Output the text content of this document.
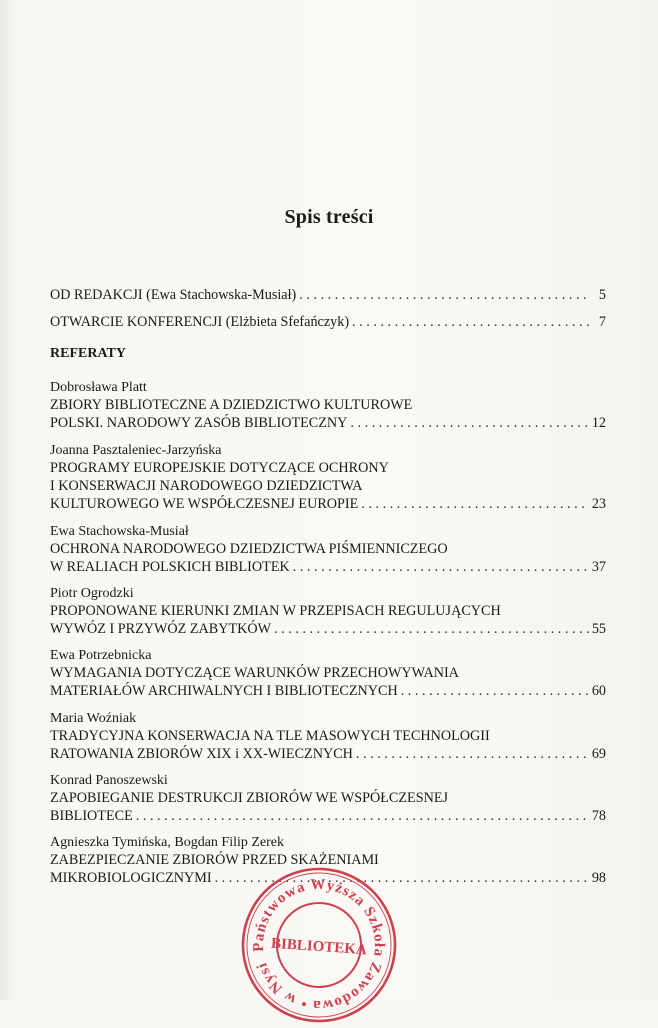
Spis treści
OD REDAKCJI (Ewa Stachowska-Musiał) . . .	5
OTWARCIE KONFERENCJI (Elżbieta Sfefańczyk) . . .	7
REFERATY
Dobrosława Platt
ZBIORY BIBLIOTECZNE A DZIEDZICTWO KULTUROWE
POLSKI. NARODOWY ZASÓB BIBLIOTECZNY . . .	12
Joanna Pasztaleniec-Jarzyńska
PROGRAMY EUROPEJSKIE DOTYCZĄCE OCHRONY
I KONSERWACJI NARODOWEGO DZIEDZICTWA
KULTUROWEGO WE WSPÓŁCZESNEJ EUROPIE . . .	23
Ewa Stachowska-Musiał
OCHRONA NARODOWEGO DZIEDZICTWA PIŚMIENNICZEGO
W REALIACH POLSKICH BIBLIOTEK . . .	37
Piotr Ogrodzki
PROPONOWANE KIERUNKI ZMIAN W PRZEPISACH REGULUJĄCYCH
WYWÓZ I PRZYWÓZ ZABYTKÓW . . .	55
Ewa Potrzebnicka
WYMAGANIA DOTYCZĄCE WARUNKÓW PRZECHOWYWANIA
MATERIAŁÓW ARCHIWALNYCH I BIBLIOTECZNYCH . . .	60
Maria Woźniak
TRADYCYJNA KONSERWACJA NA TLE MASOWYCH TECHNOLOGII
RATOWANIA ZBIORÓW XIX i XX-WIECZNYCH . . .	69
Konrad Panoszewski
ZAPOBIEGANIE DESTRUKCJI ZBIORÓW WE WSPÓŁCZESNEJ
BIBLIOTECE . . .	78
Agnieszka Tymińska, Bogdan Filip Zerek
ZABEZPIECZANIE ZBIORÓW PRZED SKAŻENIAMI
MIKROBIOLOGICZNYMI . . .	98
Państwowa Wyższa Szkoła Zawodowa • w Nysie
BIBLIOTEKA
